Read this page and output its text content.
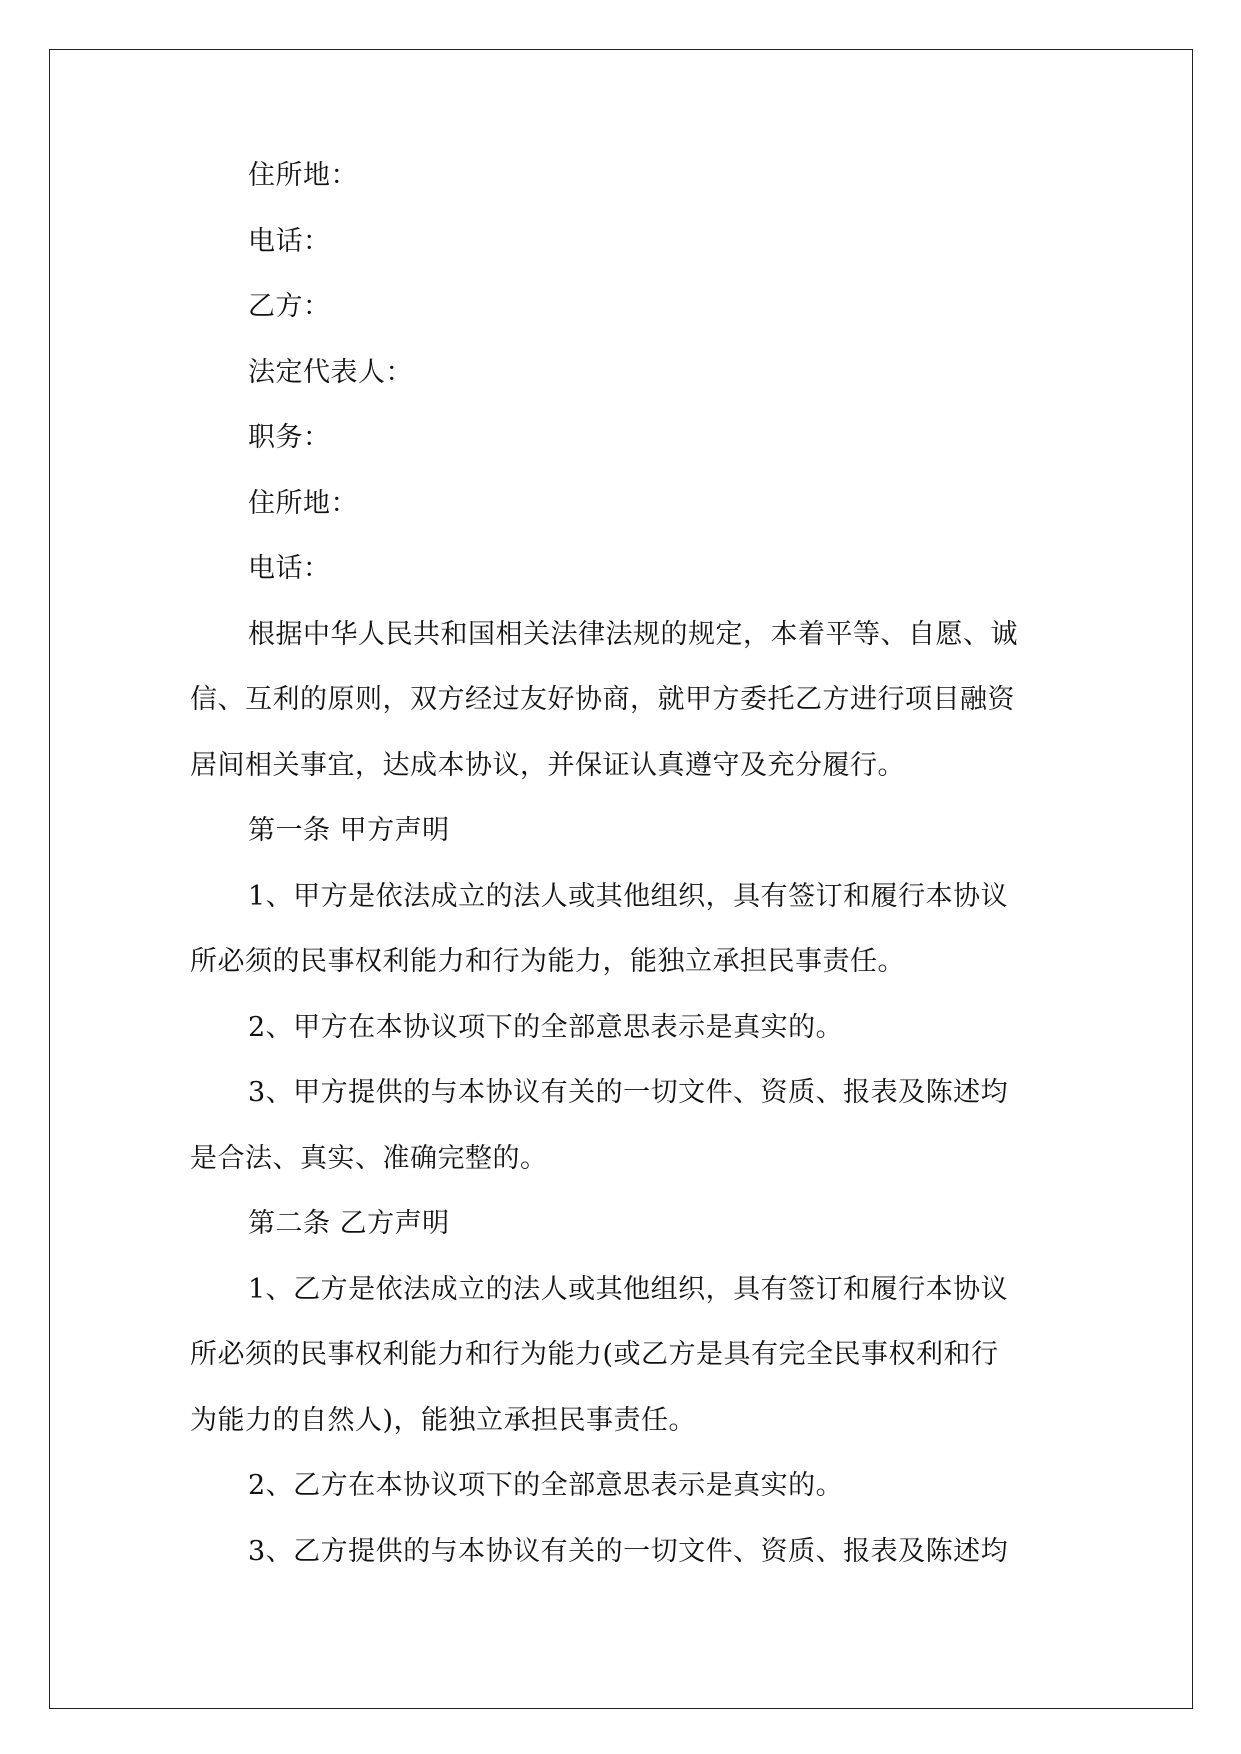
住所地：
电话：
乙方：
法定代表人：
职务：
住所地：
电话：
根据中华人民共和国相关法律法规的规定，本着平等、自愿、诚
信、互利的原则，双方经过友好协商，就甲方委托乙方进行项目融资
居间相关事宜，达成本协议，并保证认真遵守及充分履行。
第一条 甲方声明
1、甲方是依法成立的法人或其他组织，具有签订和履行本协议
所必须的民事权利能力和行为能力，能独立承担民事责任。
2、甲方在本协议项下的全部意思表示是真实的。
3、甲方提供的与本协议有关的一切文件、资质、报表及陈述均
是合法、真实、准确完整的。
第二条 乙方声明
1、乙方是依法成立的法人或其他组织，具有签订和履行本协议
所必须的民事权利能力和行为能力(或乙方是具有完全民事权利和行
为能力的自然人)，能独立承担民事责任。
2、乙方在本协议项下的全部意思表示是真实的。
3、乙方提供的与本协议有关的一切文件、资质、报表及陈述均
